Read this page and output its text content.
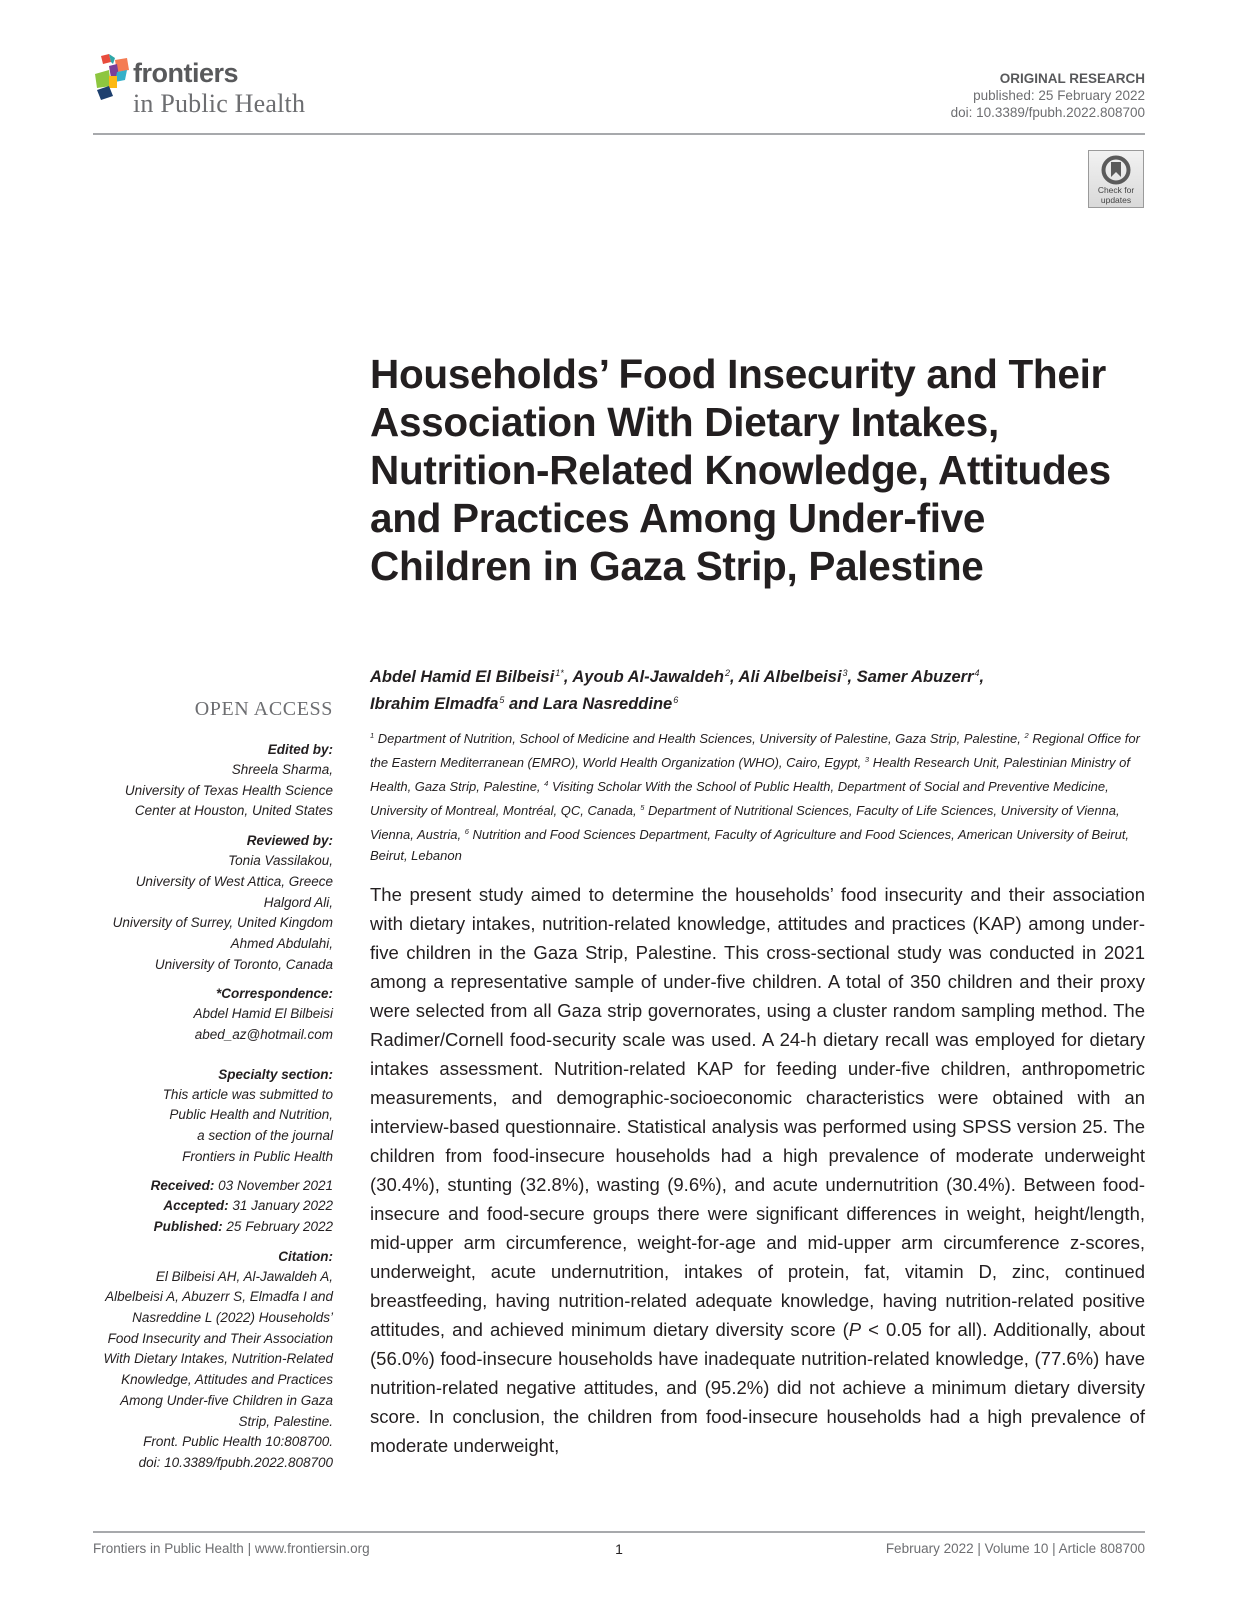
frontiers
in Public Health
ORIGINAL RESEARCH
published: 25 February 2022
doi: 10.3389/fpubh.2022.808700
Check for
updates
Households’ Food Insecurity and Their Association With Dietary Intakes, Nutrition-Related Knowledge, Attitudes and Practices Among Under-five Children in Gaza Strip, Palestine
Abdel Hamid El Bilbeisi$^{1*}$, Ayoub Al-Jawaldeh$^2$, Ali Albelbeisi$^3$, Samer Abuzerr$^4$,
Ibrahim Elmadfa$^5$ and Lara Nasreddine$^6$
$^1$ Department of Nutrition, School of Medicine and Health Sciences, University of Palestine, Gaza Strip, Palestine, $^2$ Regional Office for the Eastern Mediterranean (EMRO), World Health Organization (WHO), Cairo, Egypt, $^3$ Health Research Unit, Palestinian Ministry of Health, Gaza Strip, Palestine, $^4$ Visiting Scholar With the School of Public Health, Department of Social and Preventive Medicine, University of Montreal, Montréal, QC, Canada, $^5$ Department of Nutritional Sciences, Faculty of Life Sciences, University of Vienna, Vienna, Austria, $^6$ Nutrition and Food Sciences Department, Faculty of Agriculture and Food Sciences, American University of Beirut, Beirut, Lebanon

The present study aimed to determine the households’ food insecurity and their association with dietary intakes, nutrition-related knowledge, attitudes and practices (KAP) among under-five children in the Gaza Strip, Palestine. This cross-sectional study was conducted in 2021 among a representative sample of under-five children. A total of 350 children and their proxy were selected from all Gaza strip governorates, using a cluster random sampling method. The Radimer/Cornell food-security scale was used. A 24-h dietary recall was employed for dietary intakes assessment. Nutrition-related KAP for feeding under-five children, anthropometric measurements, and demographic-socioeconomic characteristics were obtained with an interview-based questionnaire. Statistical analysis was performed using SPSS version 25. The children from food-insecure households had a high prevalence of moderate underweight (30.4%), stunting (32.8%), wasting (9.6%), and acute undernutrition (30.4%). Between food-insecure and food-secure groups there were significant differences in weight, height/length, mid-upper arm circumference, weight-for-age and mid-upper arm circumference z-scores, underweight, acute undernutrition, intakes of protein, fat, vitamin D, zinc, continued breastfeeding, having nutrition-related adequate knowledge, having nutrition-related positive attitudes, and achieved minimum dietary diversity score (P < 0.05 for all). Additionally, about (56.0%) food-insecure households have inadequate nutrition-related knowledge, (77.6%) have nutrition-related negative attitudes, and (95.2%) did not achieve a minimum dietary diversity score. In conclusion, the children from food-insecure households had a high prevalence of moderate underweight,

OPEN ACCESS
Edited by:
Shreela Sharma,
University of Texas Health Science
Center at Houston, United States
Reviewed by:
Tonia Vassilakou,
University of West Attica, Greece
Halgord Ali,
University of Surrey, United Kingdom
Ahmed Abdulahi,
University of Toronto, Canada
*Correspondence:
Abdel Hamid El Bilbeisi
abed_az@hotmail.com
Specialty section:
This article was submitted to
Public Health and Nutrition,
a section of the journal
Frontiers in Public Health
Received: 03 November 2021
Accepted: 31 January 2022
Published: 25 February 2022
Citation:
El Bilbeisi AH, Al-Jawaldeh A,
Albelbeisi A, Abuzerr S, Elmadfa I and
Nasreddine L (2022) Households’
Food Insecurity and Their Association
With Dietary Intakes, Nutrition-Related
Knowledge, Attitudes and Practices
Among Under-five Children in Gaza
Strip, Palestine.
Front. Public Health 10:808700.
doi: 10.3389/fpubh.2022.808700
Frontiers in Public Health | www.frontiersin.org	1	February 2022 | Volume 10 | Article 808700
